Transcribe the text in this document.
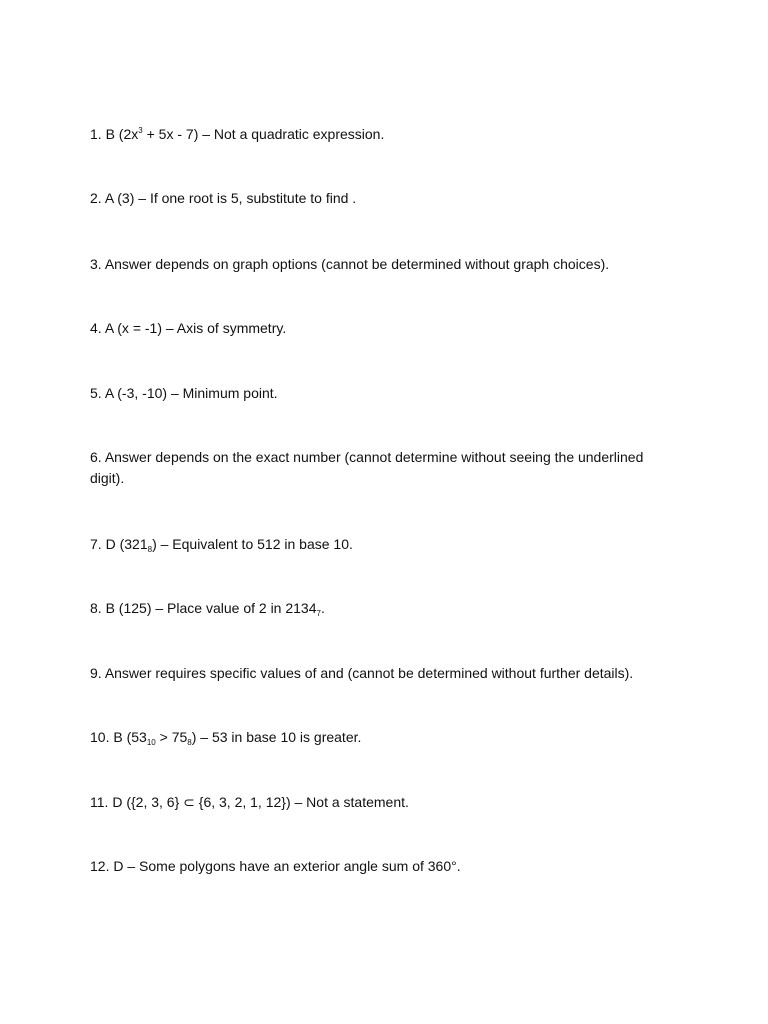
1. B $(2x^3 + 5x - 7)$ – Not a quadratic expression.
2. A (3) – If one root is 5, substitute to find .
3. Answer depends on graph options (cannot be determined without graph choices).
4. A (x = -1) – Axis of symmetry.
5. A (-3, -10) – Minimum point.
6. Answer depends on the exact number (cannot determine without seeing the underlined digit).
7. D $(321_8)$ – Equivalent to 512 in base 10.
8. B (125) – Place value of 2 in $2134_7$.
9. Answer requires specific values of and (cannot be determined without further details).
10. B $(53_{10} > 75_8) - 53$ in base 10 is greater.
11. D ({2, 3, 6} ⊂ {6, 3, 2, 1, 12}) – Not a statement.
12. D – Some polygons have an exterior angle sum of 360°.
